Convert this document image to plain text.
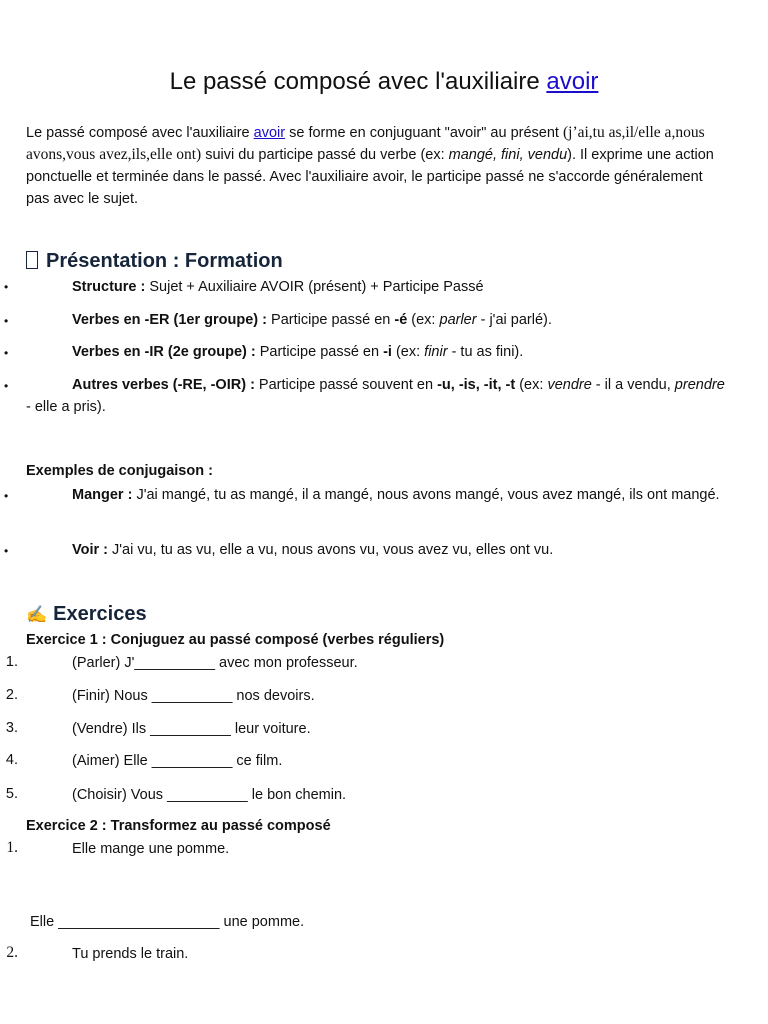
Le passé composé avec l'auxiliaire avoir
Le passé composé avec l'auxiliaire avoir se forme en conjuguant "avoir" au présent (j’ai,tu as,il/elle a,nous avons,vous avez,ils,elle ont) suivi du participe passé du verbe (ex: mangé, fini, vendu). Il exprime une action ponctuelle et terminée dans le passé. Avec l'auxiliaire avoir, le participe passé ne s'accorde généralement pas avec le sujet.
Présentation : Formation
•	Structure : Sujet + Auxiliaire AVOIR (présent) + Participe Passé
•	Verbes en -ER (1er groupe) : Participe passé en -é (ex: parler - j'ai parlé).
•	Verbes en -IR (2e groupe) : Participe passé en -i (ex: finir - tu as fini).
•	Autres verbes (-RE, -OIR) : Participe passé souvent en -u, -is, -it, -t (ex: vendre - il a vendu, prendre - elle a pris).
Exemples de conjugaison :
•	Manger : J'ai mangé, tu as mangé, il a mangé, nous avons mangé, vous avez mangé, ils ont mangé.
•	Voir : J'ai vu, tu as vu, elle a vu, nous avons vu, vous avez vu, elles ont vu.
✍ Exercices
Exercice 1 : Conjuguez au passé composé (verbes réguliers)
1.	(Parler) J'__________ avec mon professeur.
2.	(Finir) Nous __________ nos devoirs.
3.	(Vendre) Ils __________ leur voiture.
4.	(Aimer) Elle __________ ce film.
5.	(Choisir) Vous __________ le bon chemin.
Exercice 2 : Transformez au passé composé
1.	Elle mange une pomme.
Elle ____________________ une pomme.
2.	Tu prends le train.
